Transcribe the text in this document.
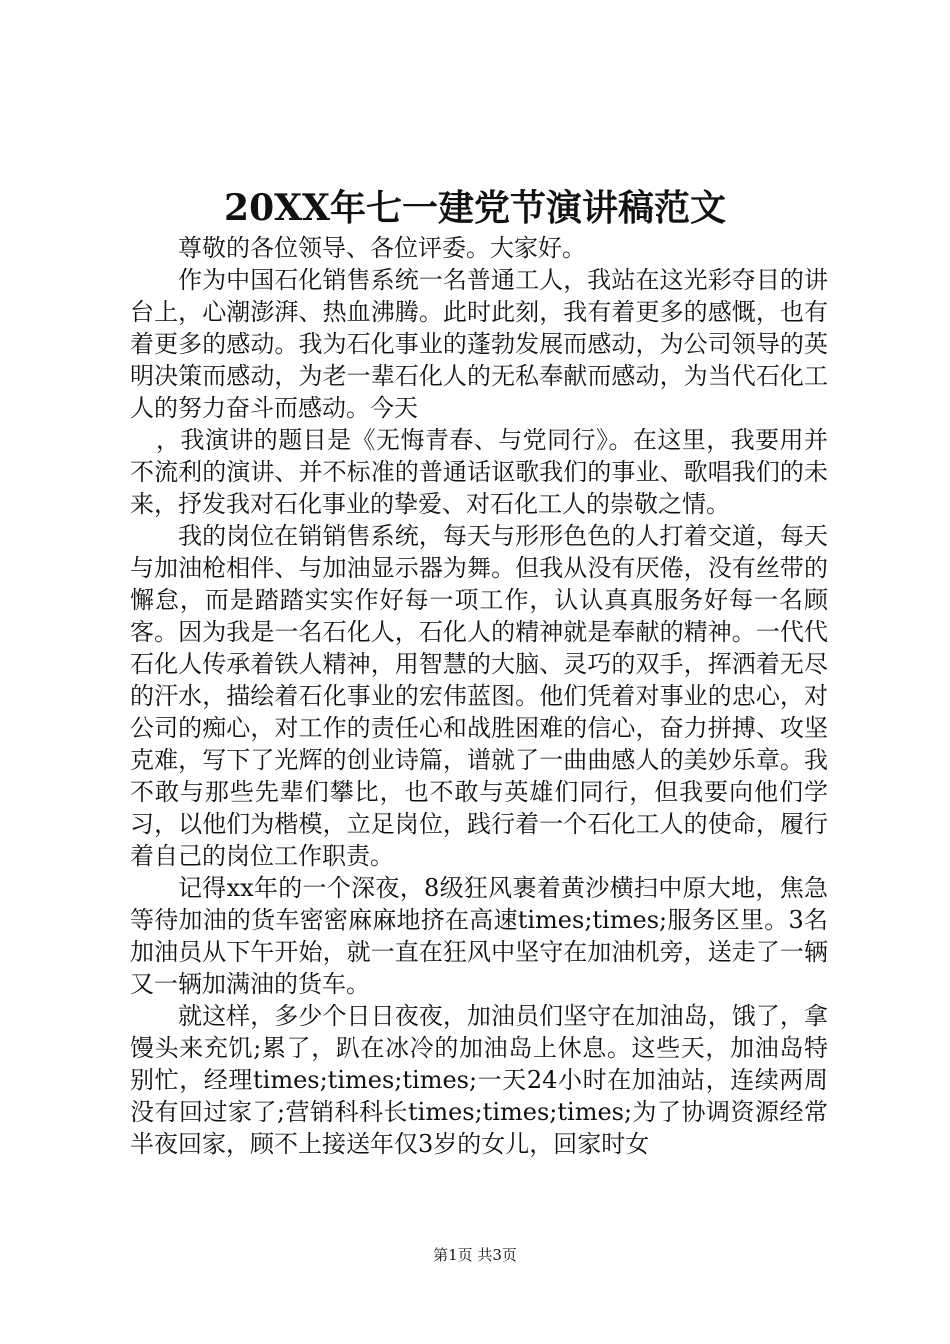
20XX年七一建党节演讲稿范文

尊敬的各位领导、各位评委。大家好。

作为中国石化销售系统一名普通工人，我站在这光彩夺目的讲台上，心潮澎湃、热血沸腾。此时此刻，我有着更多的感慨，也有着更多的感动。我为石化事业的蓬勃发展而感动，为公司领导的英明决策而感动，为老一辈石化人的无私奉献而感动，为当代石化工人的努力奋斗而感动。今天

，我演讲的题目是《无悔青春、与党同行》。在这里，我要用并不流利的演讲、并不标准的普通话讴歌我们的事业、歌唱我们的未来，抒发我对石化事业的挚爱、对石化工人的崇敬之情。

我的岗位在销销售系统，每天与形形色色的人打着交道，每天与加油枪相伴、与加油显示器为舞。但我从没有厌倦，没有丝带的懈怠，而是踏踏实实作好每一项工作，认认真真服务好每一名顾客。因为我是一名石化人，石化人的精神就是奉献的精神。一代代石化人传承着铁人精神，用智慧的大脑、灵巧的双手，挥洒着无尽的汗水，描绘着石化事业的宏伟蓝图。他们凭着对事业的忠心，对公司的痴心，对工作的责任心和战胜困难的信心，奋力拼搏、攻坚克难，写下了光辉的创业诗篇，谱就了一曲曲感人的美妙乐章。我不敢与那些先辈们攀比，也不敢与英雄们同行，但我要向他们学习，以他们为楷模，立足岗位，践行着一个石化工人的使命，履行着自己的岗位工作职责。

记得xx年的一个深夜，8级狂风裹着黄沙横扫中原大地，焦急等待加油的货车密密麻麻地挤在高速times;times;服务区里。3名加油员从下午开始，就一直在狂风中坚守在加油机旁，送走了一辆又一辆加满油的货车。

就这样，多少个日日夜夜，加油员们坚守在加油岛，饿了，拿馒头来充饥;累了，趴在冰冷的加油岛上休息。这些天，加油岛特别忙，经理times;times;times;一天24小时在加油站，连续两周没有回过家了;营销科科长times;times;times;为了协调资源经常半夜回家，顾不上接送年仅3岁的女儿，回家时女

第1页 共3页
